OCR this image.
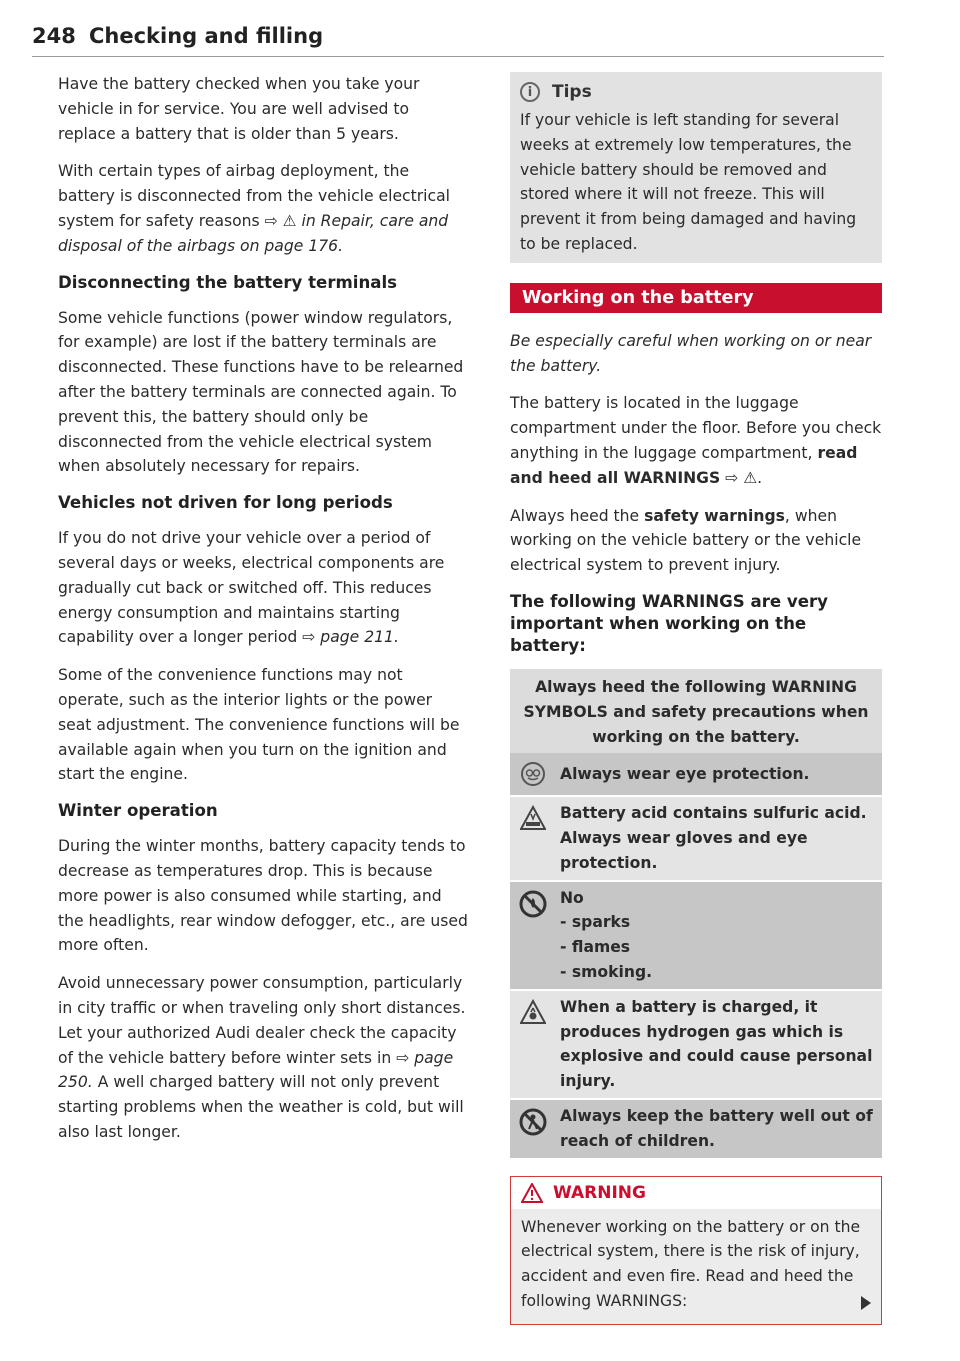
248 Checking and filling

Have the battery checked when you take your vehicle in for service. You are well advised to replace a battery that is older than 5 years.

With certain types of airbag deployment, the battery is disconnected from the vehicle electrical system for safety reasons ⇨ ⚠ in Repair, care and disposal of the airbags on page 176.

Disconnecting the battery terminals

Some vehicle functions (power window regulators, for example) are lost if the battery terminals are disconnected. These functions have to be relearned after the battery terminals are connected again. To prevent this, the battery should only be disconnected from the vehicle electrical system when absolutely necessary for repairs.

Vehicles not driven for long periods

If you do not drive your vehicle over a period of several days or weeks, electrical components are gradually cut back or switched off. This reduces energy consumption and maintains starting capability over a longer period ⇨ page 211.

Some of the convenience functions may not operate, such as the interior lights or the power seat adjustment. The convenience functions will be available again when you turn on the ignition and start the engine.

Winter operation

During the winter months, battery capacity tends to decrease as temperatures drop. This is because more power is also consumed while starting, and the headlights, rear window defogger, etc., are used more often.

Avoid unnecessary power consumption, particularly in city traffic or when traveling only short distances. Let your authorized Audi dealer check the capacity of the vehicle battery before winter sets in ⇨ page 250. A well charged battery will not only prevent starting problems when the weather is cold, but will also last longer.

i	Tips

If your vehicle is left standing for several weeks at extremely low temperatures, the vehicle battery should be removed and stored where it will not freeze. This will prevent it from being damaged and having to be replaced.

Working on the battery

Be especially careful when working on or near the battery.

The battery is located in the luggage compartment under the floor. Before you check anything in the luggage compartment, read and heed all WARNINGS ⇨ ⚠.

Always heed the safety warnings, when working on the vehicle battery or the vehicle electrical system to prevent injury.

The following WARNINGS are very important when working on the battery:
Always heed the following WARNING SYMBOLS and safety precautions when working on the battery.	
	Always wear eye protection.

	Battery acid contains sulfuric acid. Always wear gloves and eye protection.

No
- sparks
- flames
- smoking.

	When a battery is charged, it produces hydrogen gas which is explosive and could cause personal injury.

	Always keep the battery well out of reach of children.
WARNING

Whenever working on the battery or on the electrical system, there is the risk of injury, accident and even fire. Read and heed the following WARNINGS:
